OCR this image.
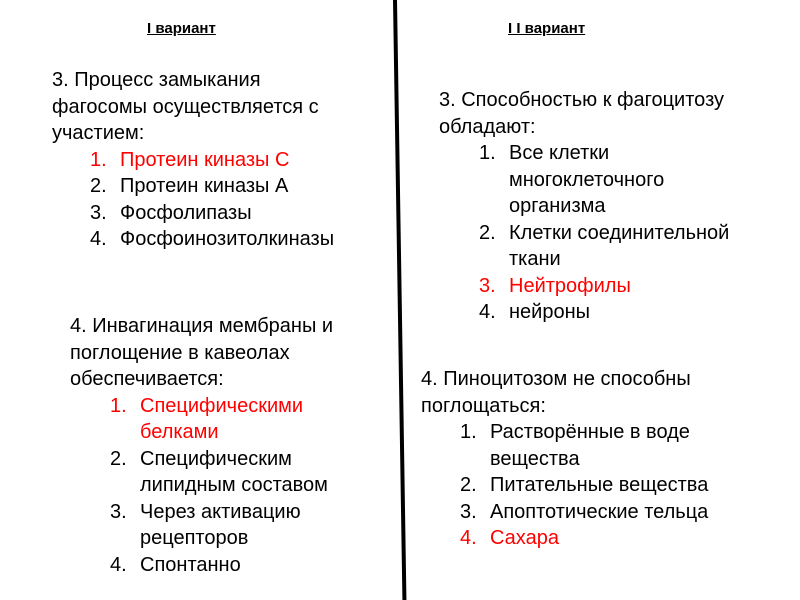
I вариант	I I вариант
3. Процесс замыкания
фагосомы осуществляется с
участием:
1. Протеин киназы С
2. Протеин киназы А
3. Фосфолипазы
4. Фосфоинозитолкиназы
4. Инвагинация мембраны и
поглощение в кавеолах
обеспечивается:
1. Специфическими
белками
2. Специфическим
липидным составом
3. Через активацию
рецепторов
4. Спонтанно
3. Способностью к фагоцитозу
обладают:
1. Все клетки
многоклеточного
организма
2. Клетки соединительной
ткани
3. Нейтрофилы
4. нейроны
4. Пиноцитозом не способны
поглощаться:
1. Растворённые в воде
вещества
2. Питательные вещества
3. Апоптотические тельца
4. Сахара
